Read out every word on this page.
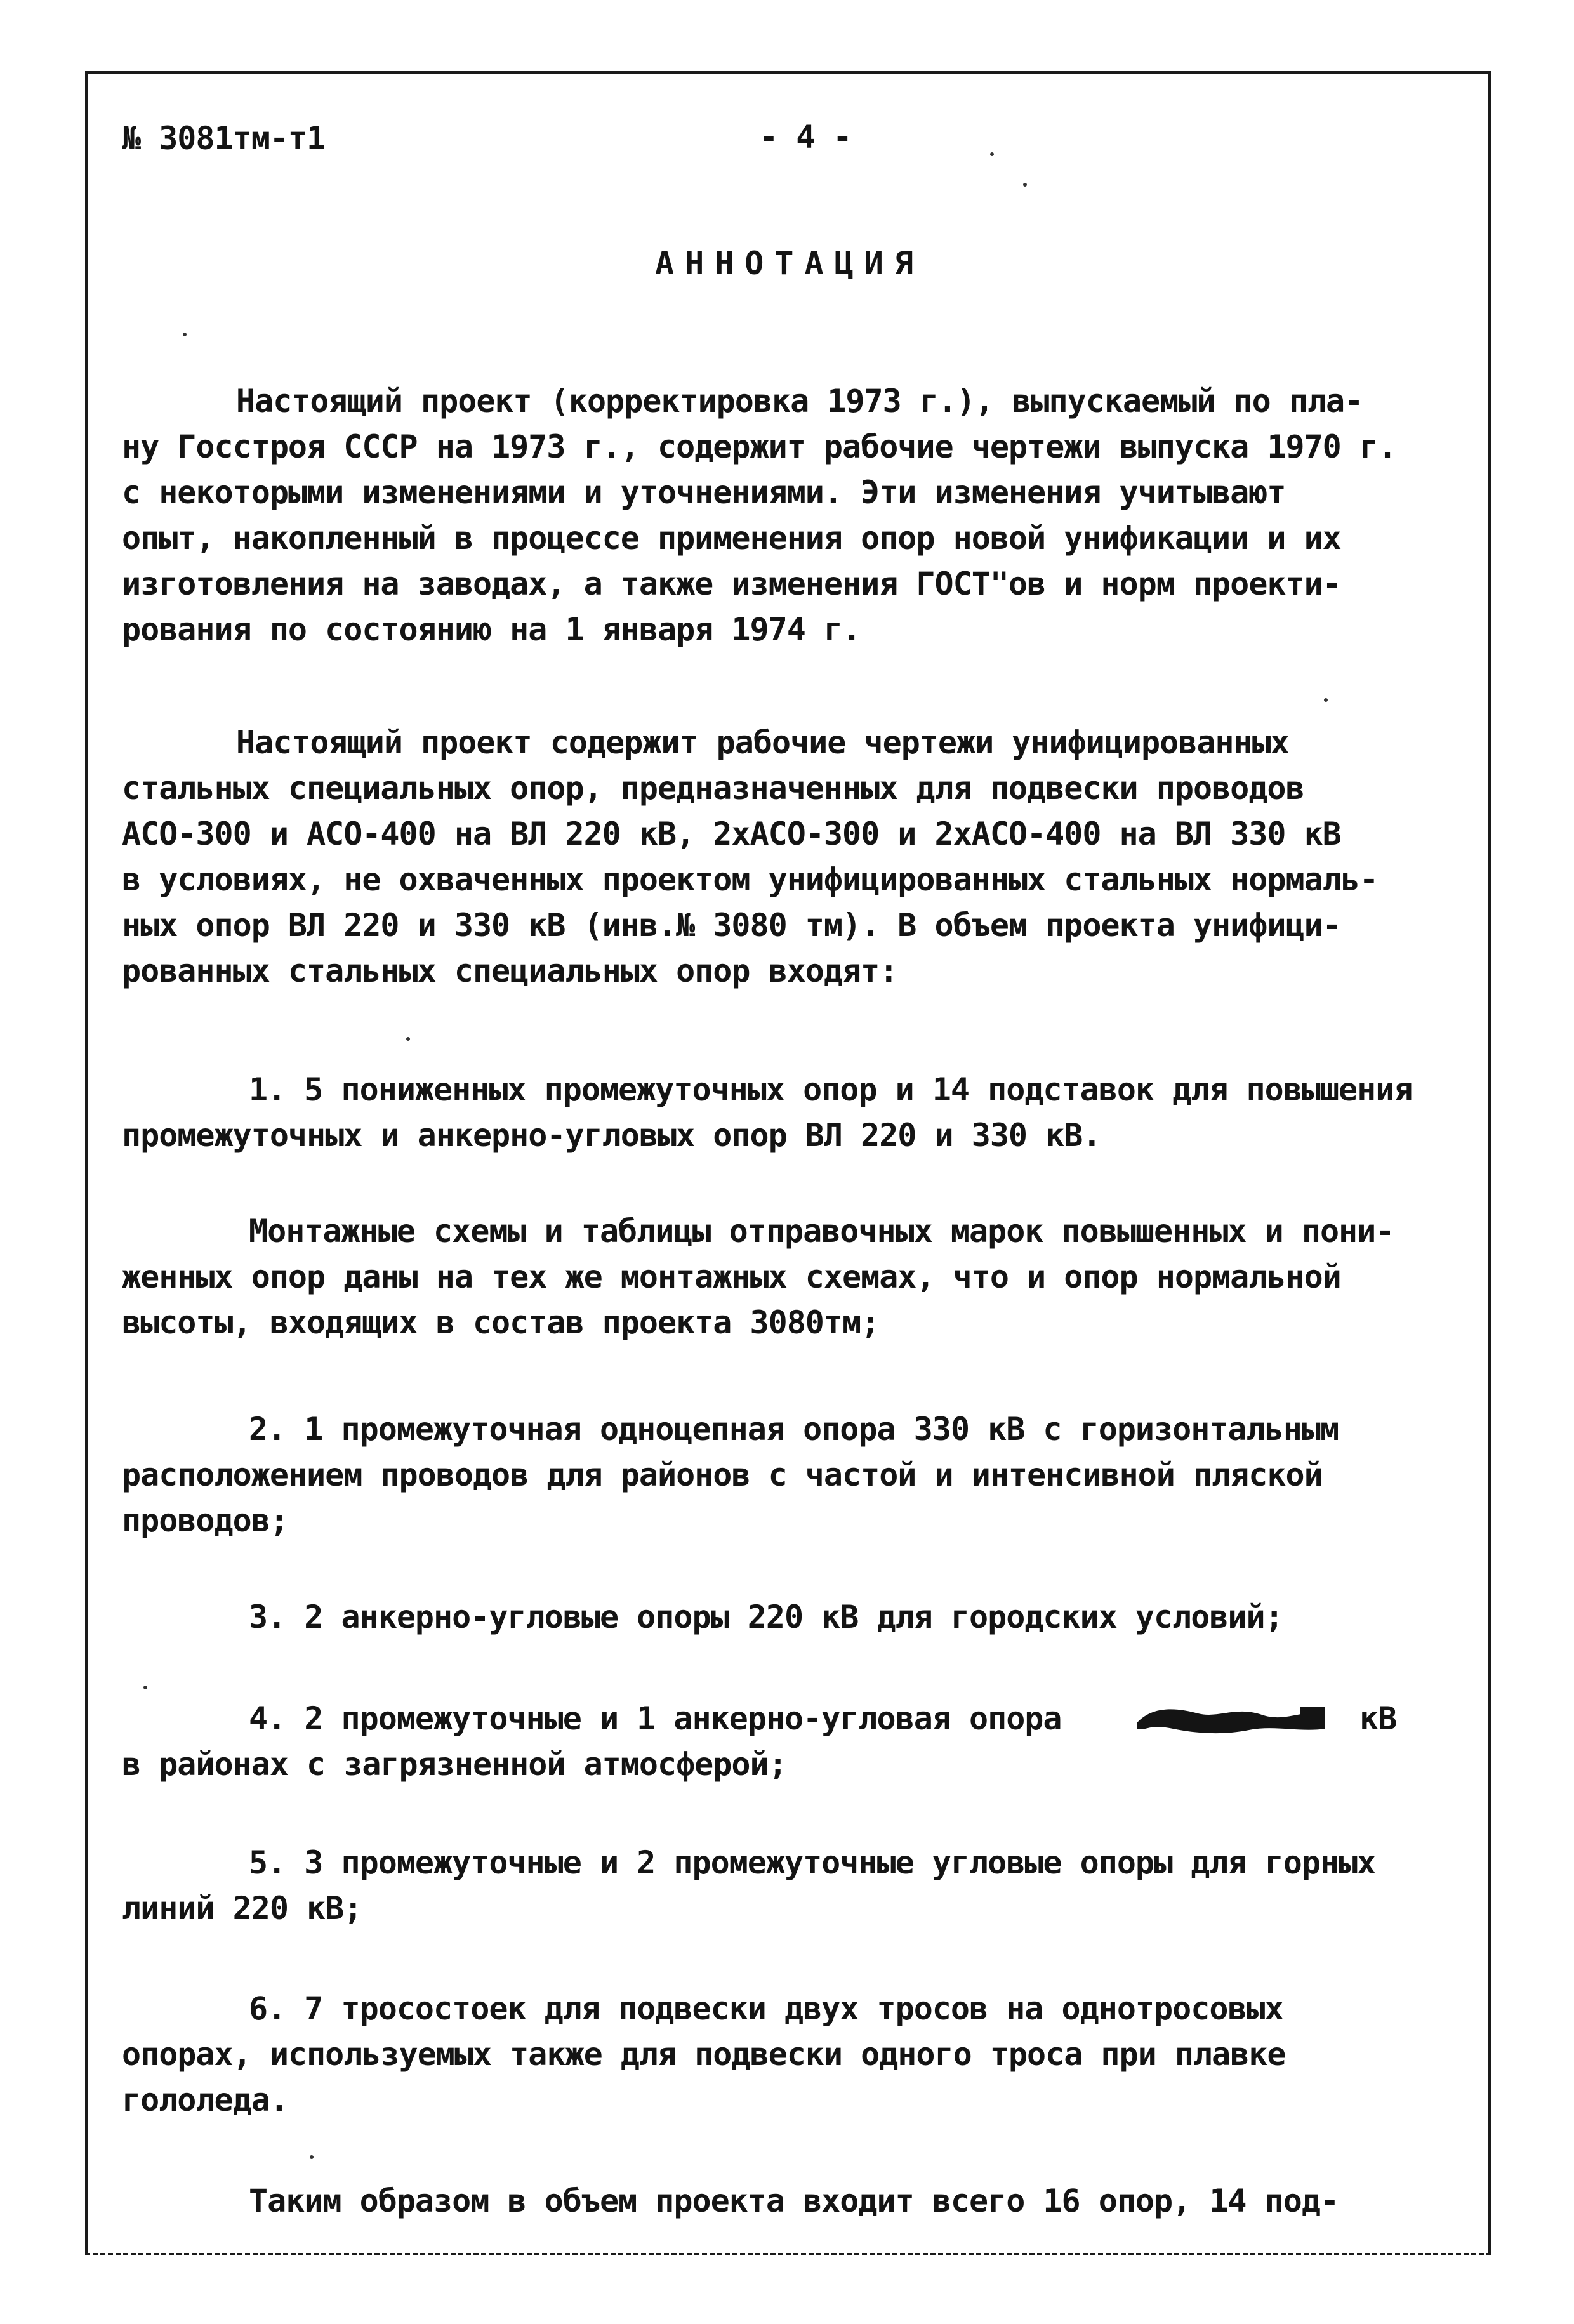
№ 3081тм-т1	- 4 -
АННОТАЦИЯ
Настоящий проект (корректировка 1973 г.), выпускаемый по пла-
ну Госстроя СССР на 1973 г., содержит рабочие чертежи выпуска 1970 г.
с некоторыми изменениями и уточнениями. Эти изменения учитывают
опыт, накопленный в процессе применения опор новой унификации и их
изготовления на заводах, а также изменения ГОСТ"ов и норм проекти-
рования по состоянию на 1 января 1974 г.
Настоящий проект содержит рабочие чертежи унифицированных
стальных специальных опор, предназначенных для подвески проводов
АСО-300 и АСО-400 на ВЛ 220 кВ, 2хАСО-300 и 2хАСО-400 на ВЛ 330 кВ
в условиях, не охваченных проектом унифицированных стальных нормаль-
ных опор ВЛ 220 и 330 кВ (инв.№ 3080 тм). В объем проекта унифици-
рованных стальных специальных опор входят:
1. 5 пониженных промежуточных опор и 14 подставок для повышения
промежуточных и анкерно-угловых опор ВЛ 220 и 330 кВ.
Монтажные схемы и таблицы отправочных марок повышенных и пони-
женных опор даны на тех же монтажных схемах, что и опор нормальной
высоты, входящих в состав проекта 3080тм;
2. 1 промежуточная одноцепная опора 330 кВ с горизонтальным
расположением проводов для районов с частой и интенсивной пляской
проводов;
3. 2 анкерно-угловые опоры 220 кВ для городских условий;
4. 2 промежуточные и 1 анкерно-угловая опора	кВ
в районах с загрязненной атмосферой;
5. 3 промежуточные и 2 промежуточные угловые опоры для горных
линий 220 кВ;
6. 7 тросостоек для подвески двух тросов на однотросовых
опорах, используемых также для подвески одного троса при плавке
гололеда.
Таким образом в объем проекта входит всего 16 опор, 14 под-
